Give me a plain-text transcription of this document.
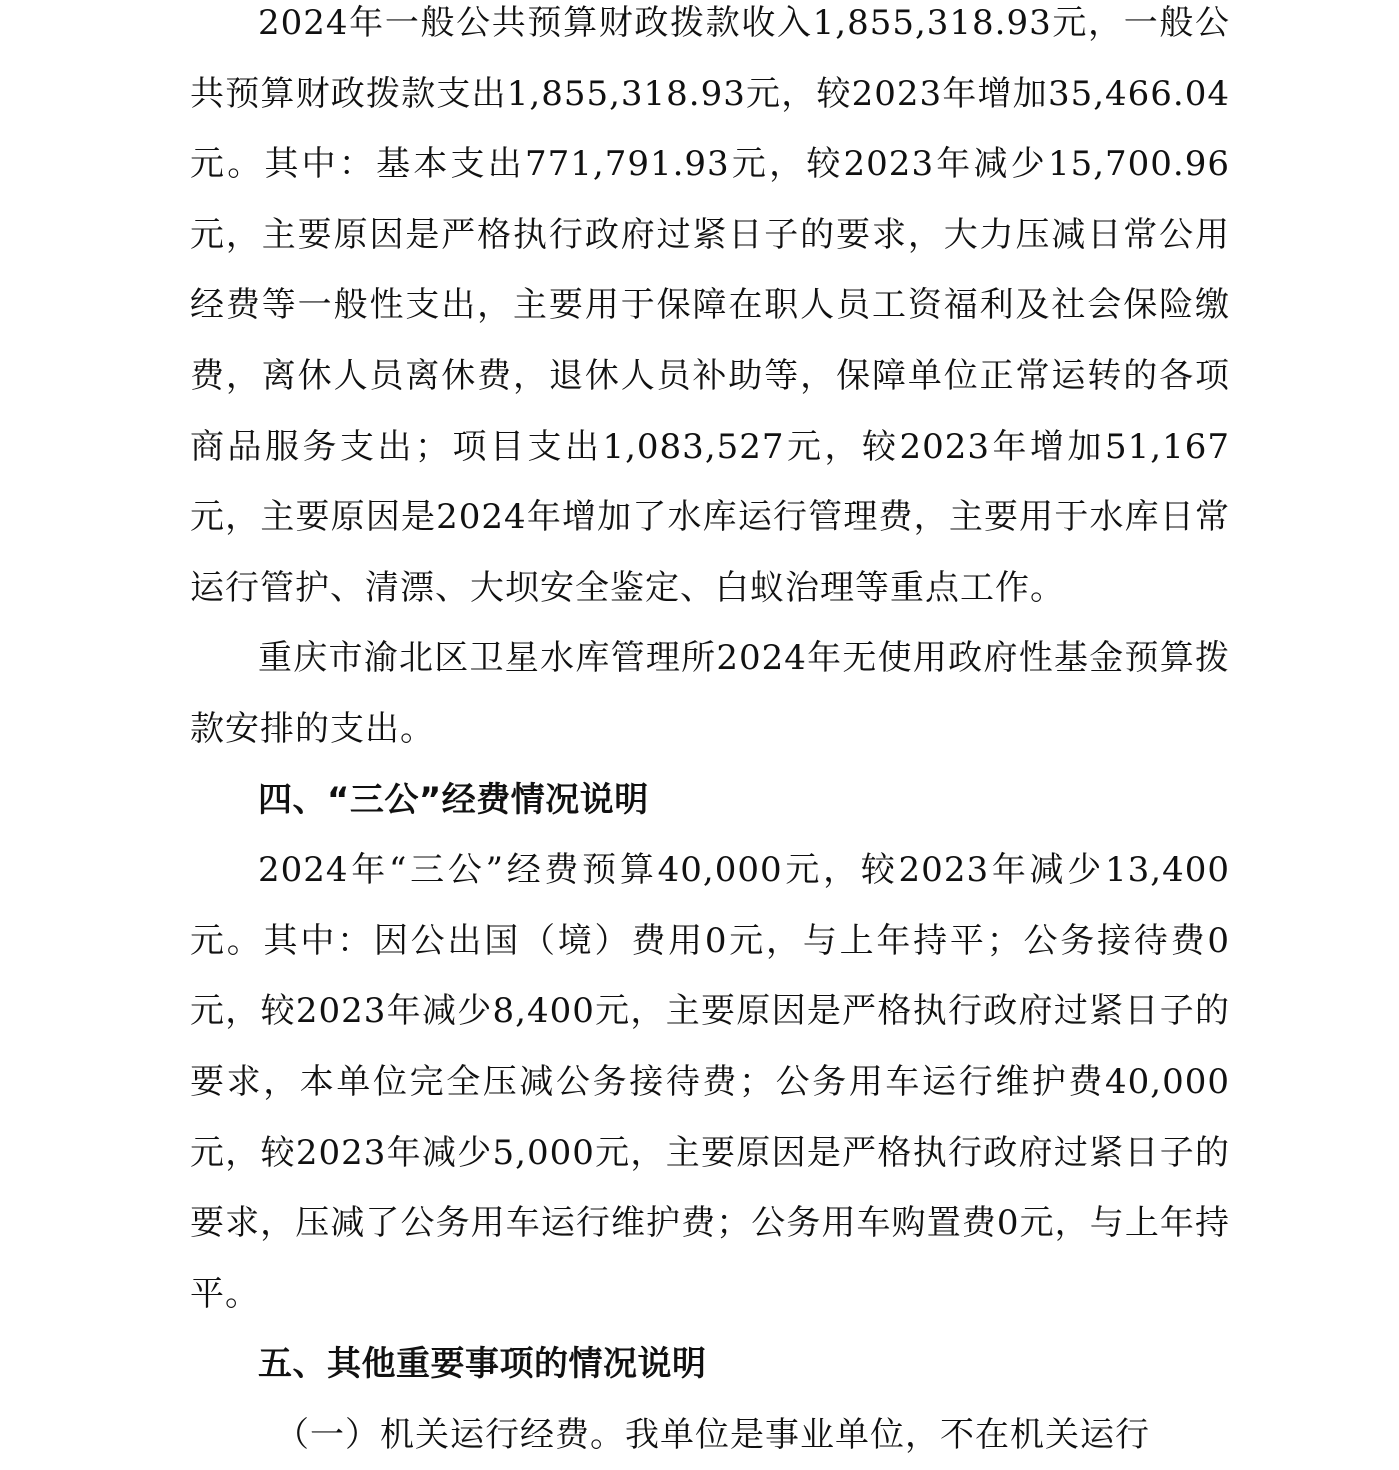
2024年一般公共预算财政拨款收入1,855,318.93元，一般公共预算财政拨款支出1,855,318.93元，较2023年增加35,466.04元。其中：基本支出771,791.93元，较2023年减少15,700.96元，主要原因是严格执行政府过紧日子的要求，大力压减日常公用经费等一般性支出，主要用于保障在职人员工资福利及社会保险缴费，离休人员离休费，退休人员补助等，保障单位正常运转的各项商品服务支出；项目支出1,083,527元，较2023年增加51,167元，主要原因是2024年增加了水库运行管理费，主要用于水库日常运行管护、清漂、大坝安全鉴定、白蚁治理等重点工作。

重庆市渝北区卫星水库管理所2024年无使用政府性基金预算拨款安排的支出。

四、“三公”经费情况说明

2024年“三公”经费预算40,000元，较2023年减少13,400元。其中：因公出国（境）费用0元，与上年持平；公务接待费0元，较2023年减少8,400元，主要原因是严格执行政府过紧日子的要求，本单位完全压减公务接待费；公务用车运行维护费40,000元，较2023年减少5,000元，主要原因是严格执行政府过紧日子的要求，压减了公务用车运行维护费；公务用车购置费0元，与上年持平。

五、其他重要事项的情况说明

（一）机关运行经费。我单位是事业单位，不在机关运行
